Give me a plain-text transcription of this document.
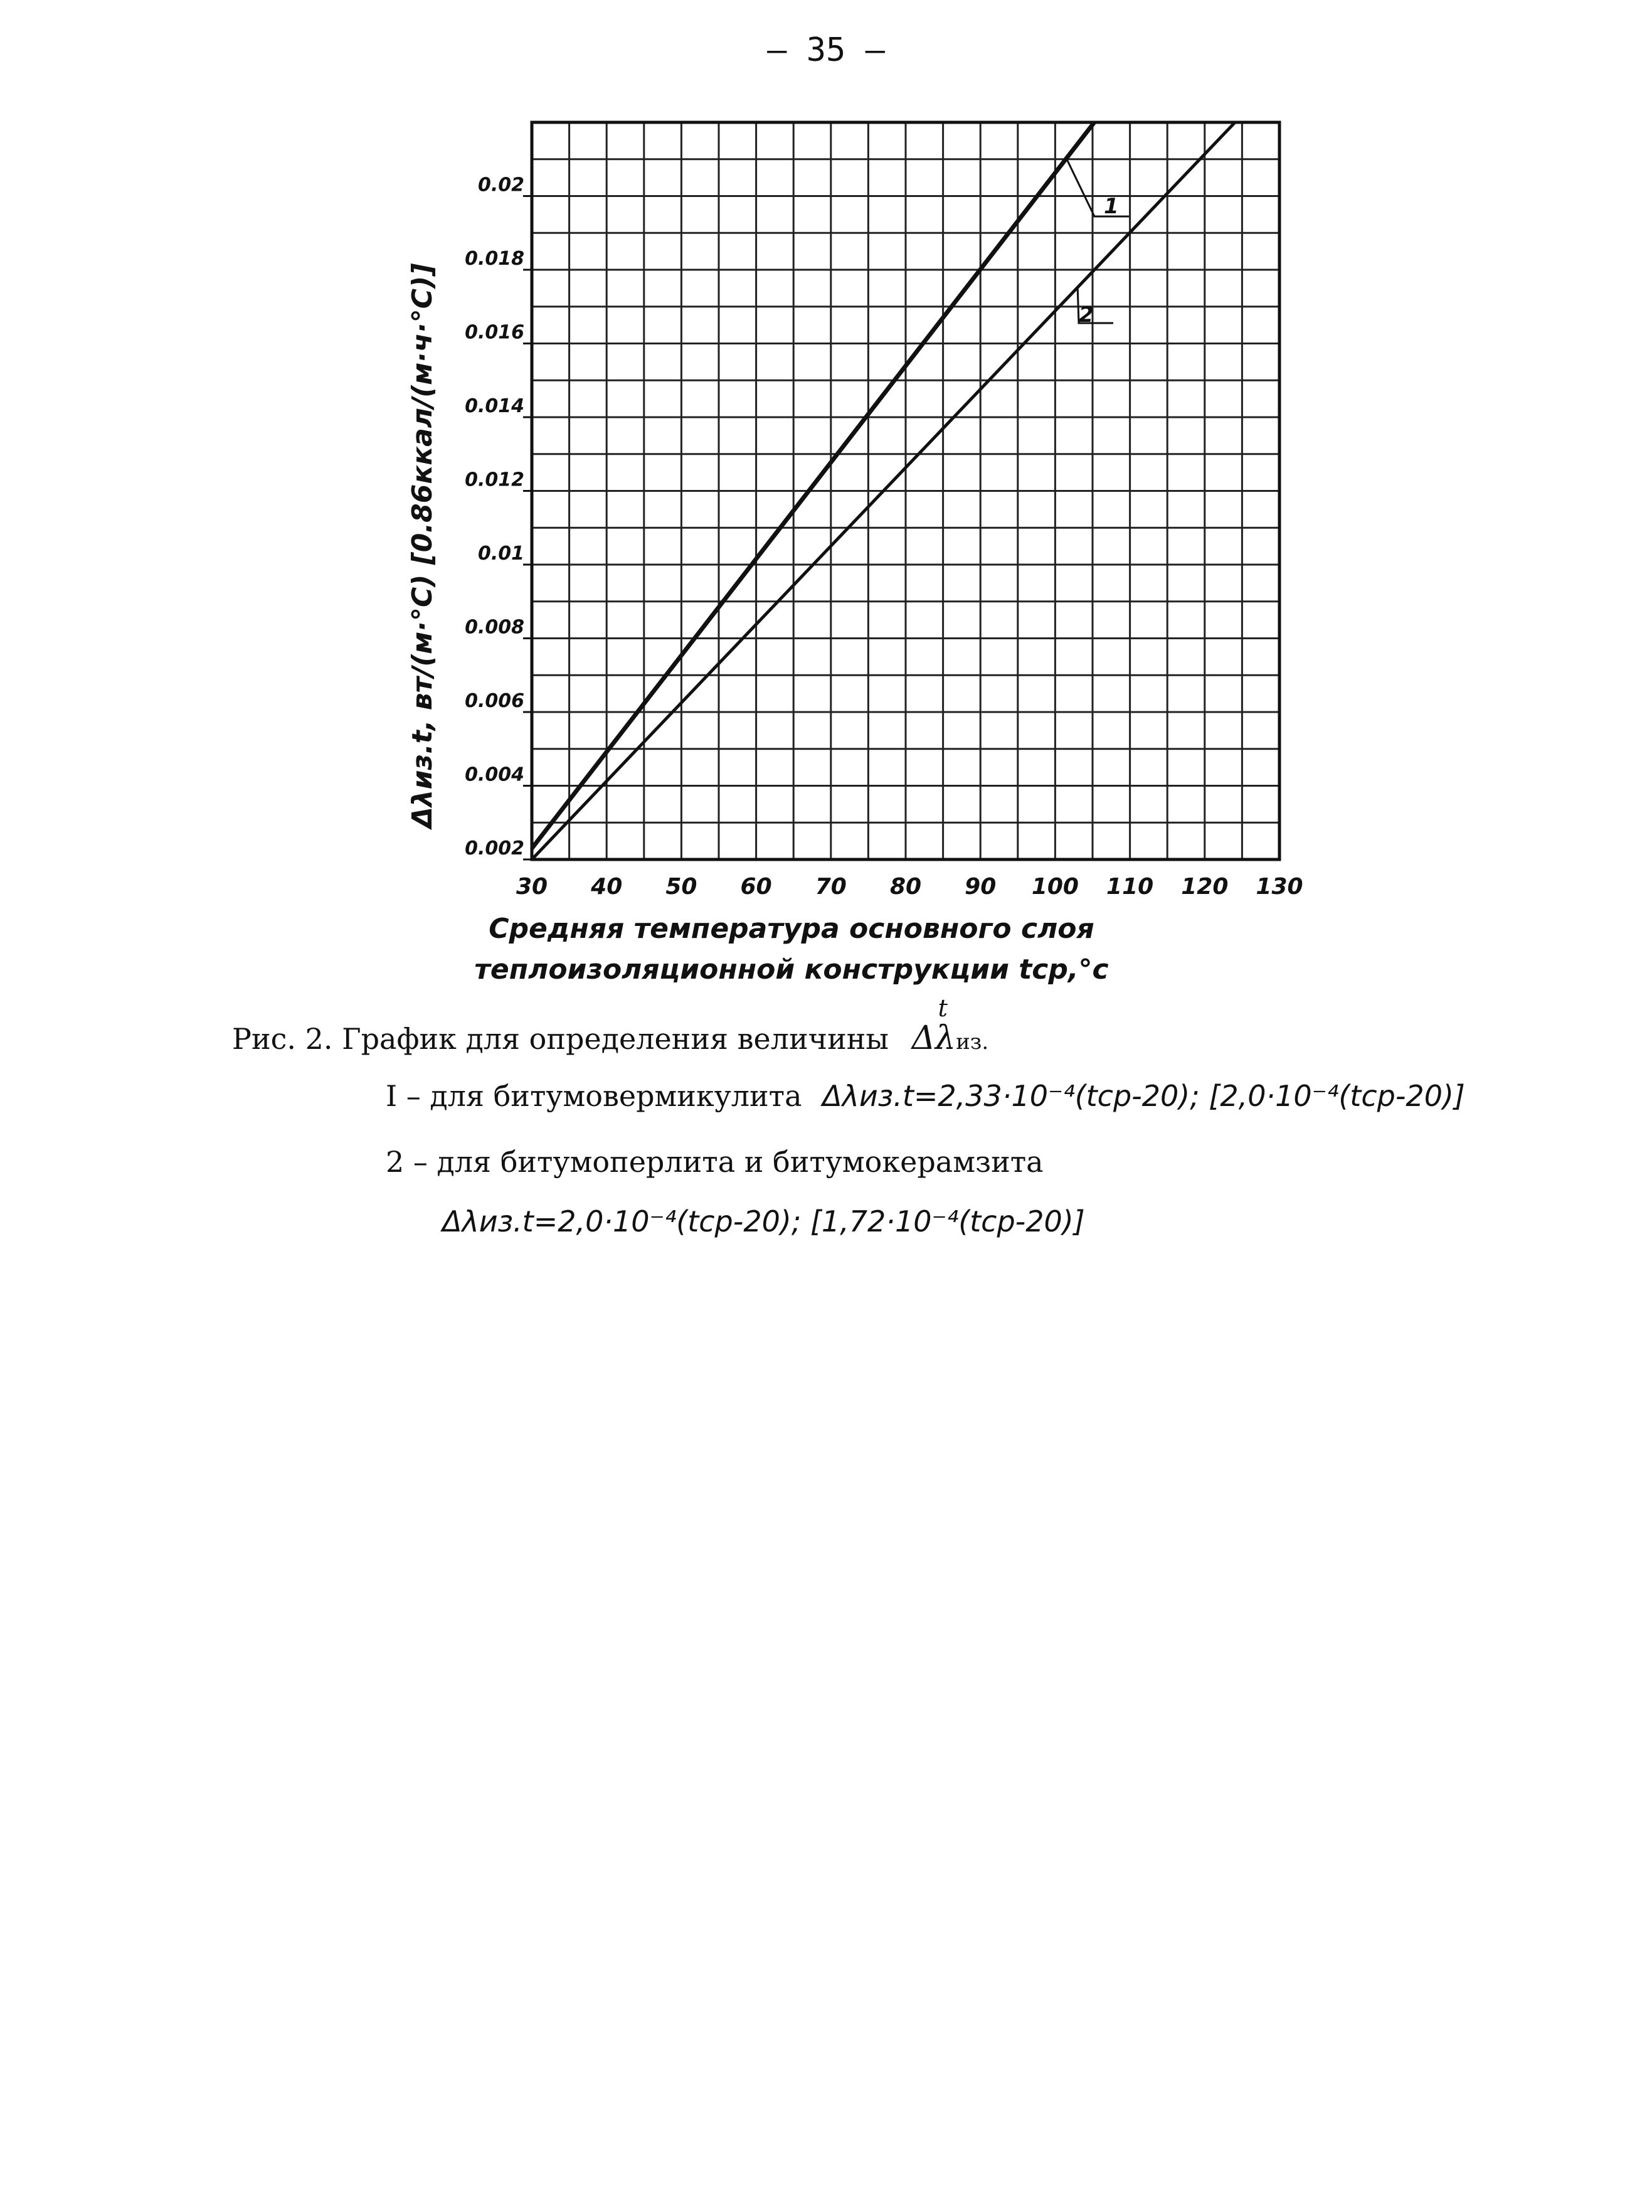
– 35 –
0.002
0.004
0.006
0.008
0.01
0.012
0.014
0.016
0.018
0.02
30 40 50 60 70 80 90 100 110 120 130
1
2
Средняя температура основного слоя
теплоизоляционной конструкции tср,°с
Δλиз.t, вт/(м·°С) [0.86ккал/(м·ч·°С)]
Рис. 2. График для определения величины Δλ
t
из.
I – для битумовермикулита Δλиз.t=2,33·10⁻⁴(tср-20); [2,0·10⁻⁴(tср-20)]
2 – для битумоперлита и битумокерамзита
Δλиз.t=2,0·10⁻⁴(tср-20); [1,72·10⁻⁴(tср-20)]
